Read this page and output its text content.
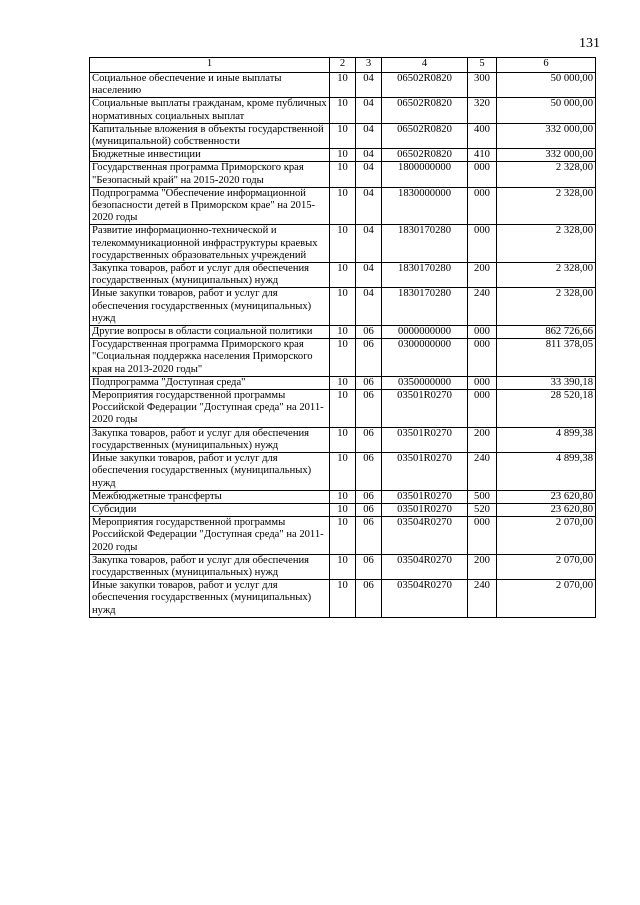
131
1	2	3	4	5	6
Социальное обеспечение и иные выплаты населению	10	04	06502R0820	300	50 000,00
Социальные выплаты гражданам, кроме публичных нормативных социальных выплат	10	04	06502R0820	320	50 000,00
Капитальные вложения в объекты государственной (муниципальной) собственности	10	04	06502R0820	400	332 000,00
Бюджетные инвестиции	10	04	06502R0820	410	332 000,00
Государственная программа Приморского края "Безопасный край" на 2015-2020 годы	10	04	1800000000	000	2 328,00
Подпрограмма "Обеспечение информационной безопасности детей в Приморском крае" на 2015-2020 годы	10	04	1830000000	000	2 328,00
Развитие информационно-технической и телекоммуникационной инфраструктуры краевых государственных образовательных учреждений	10	04	1830170280	000	2 328,00
Закупка товаров, работ и услуг для обеспечения государственных (муниципальных) нужд	10	04	1830170280	200	2 328,00
Иные закупки товаров, работ и услуг для обеспечения государственных (муниципальных) нужд	10	04	1830170280	240	2 328,00
Другие вопросы в области социальной политики	10	06	0000000000	000	862 726,66
Государственная программа Приморского края "Социальная поддержка населения Приморского края на 2013-2020 годы"	10	06	0300000000	000	811 378,05
Подпрограмма "Доступная среда"	10	06	0350000000	000	33 390,18
Мероприятия государственной программы Российской Федерации "Доступная среда" на 2011-2020 годы	10	06	03501R0270	000	28 520,18
Закупка товаров, работ и услуг для обеспечения государственных (муниципальных) нужд	10	06	03501R0270	200	4 899,38
Иные закупки товаров, работ и услуг для обеспечения государственных (муниципальных) нужд	10	06	03501R0270	240	4 899,38
Межбюджетные трансферты	10	06	03501R0270	500	23 620,80
Субсидии	10	06	03501R0270	520	23 620,80
Мероприятия государственной программы Российской Федерации "Доступная среда" на 2011-2020 годы	10	06	03504R0270	000	2 070,00
Закупка товаров, работ и услуг для обеспечения государственных (муниципальных) нужд	10	06	03504R0270	200	2 070,00
Иные закупки товаров, работ и услуг для обеспечения государственных (муниципальных) нужд	10	06	03504R0270	240	2 070,00
